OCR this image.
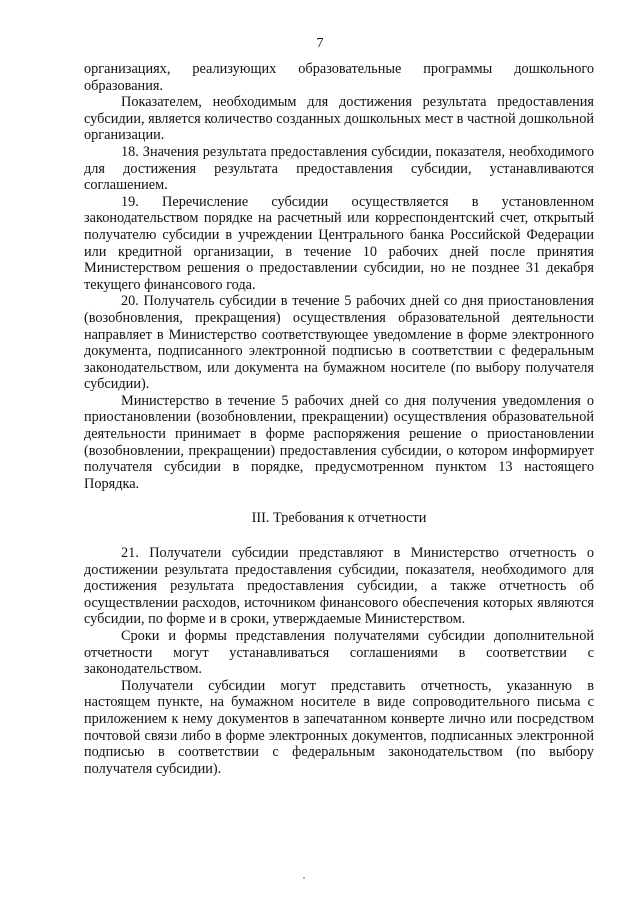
7

организациях, реализующих образовательные программы дошкольного образования.

Показателем, необходимым для достижения результата предоставления субсидии, является количество созданных дошкольных мест в частной дошкольной организации.

18. Значения результата предоставления субсидии, показателя, необходимого для достижения результата предоставления субсидии, устанавливаются соглашением.

19. Перечисление субсидии осуществляется в установленном законодательством порядке на расчетный или корреспондентский счет, открытый получателю субсидии в учреждении Центрального банка Российской Федерации или кредитной организации, в течение 10 рабочих дней после принятия Министерством решения о предоставлении субсидии, но не позднее 31 декабря текущего финансового года.

20. Получатель субсидии в течение 5 рабочих дней со дня приостановления (возобновления, прекращения) осуществления образовательной деятельности направляет в Министерство соответствующее уведомление в форме электронного документа, подписанного электронной подписью в соответствии с федеральным законодательством, или документа на бумажном носителе (по выбору получателя субсидии).

Министерство в течение 5 рабочих дней со дня получения уведомления о приостановлении (возобновлении, прекращении) осуществления образовательной деятельности принимает в форме распоряжения решение о приостановлении (возобновлении, прекращении) предоставления субсидии, о котором информирует получателя субсидии в порядке, предусмотренном пунктом 13 настоящего Порядка.

III. Требования к отчетности

21. Получатели субсидии представляют в Министерство отчетность о достижении результата предоставления субсидии, показателя, необходимого для достижения результата предоставления субсидии, а также отчетность об осуществлении расходов, источником финансового обеспечения которых являются субсидии, по форме и в сроки, утверждаемые Министерством.

Сроки и формы представления получателями субсидии дополнительной отчетности могут устанавливаться соглашениями в соответствии с законодательством.

Получатели субсидии могут представить отчетность, указанную в настоящем пункте, на бумажном носителе в виде сопроводительного письма с приложением к нему документов в запечатанном конверте лично или посредством почтовой связи либо в форме электронных документов, подписанных электронной подписью в соответствии с федеральным законодательством (по выбору получателя субсидии).
